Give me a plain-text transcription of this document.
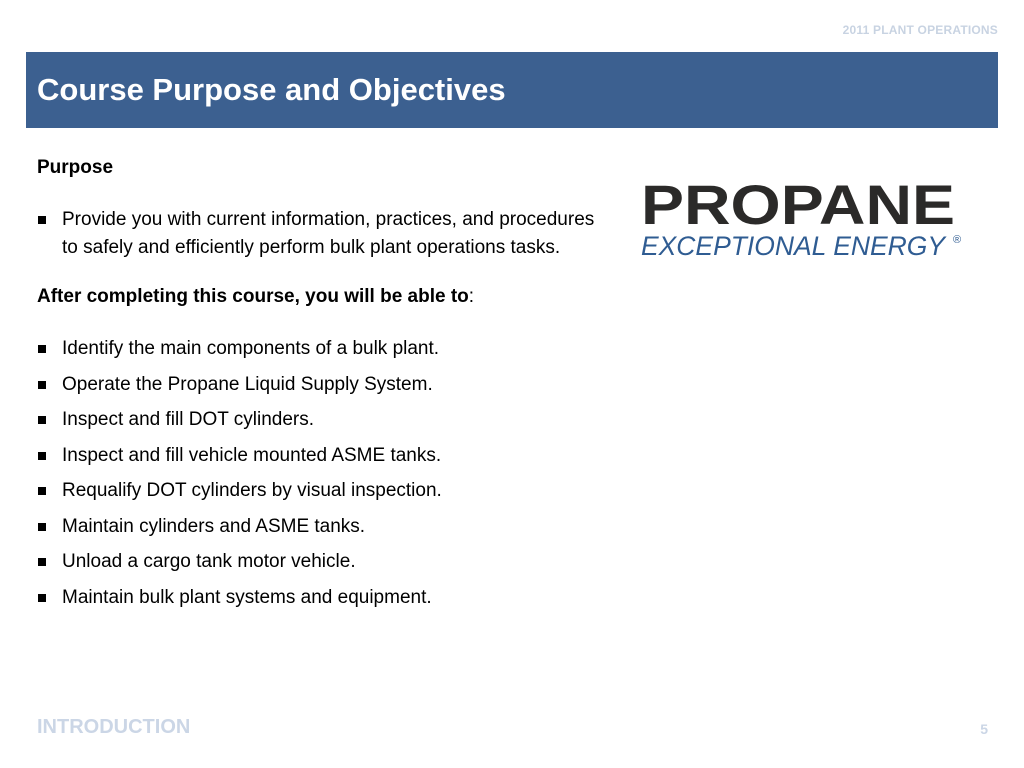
2011 PLANT OPERATIONS
Course Purpose and Objectives

Purpose

Provide you with current information, practices, and procedures to safely and efficiently perform bulk plant operations tasks.

After completing this course, you will be able to:

Identify the main components of a bulk plant.
Operate the Propane Liquid Supply System.
Inspect and fill DOT cylinders.
Inspect and fill vehicle mounted ASME tanks.
Requalify DOT cylinders by visual inspection.
Maintain cylinders and ASME tanks.
Unload a cargo tank motor vehicle.
Maintain bulk plant systems and equipment.
PROPANE
EXCEPTIONAL ENERGY ®
INTRODUCTION	5
